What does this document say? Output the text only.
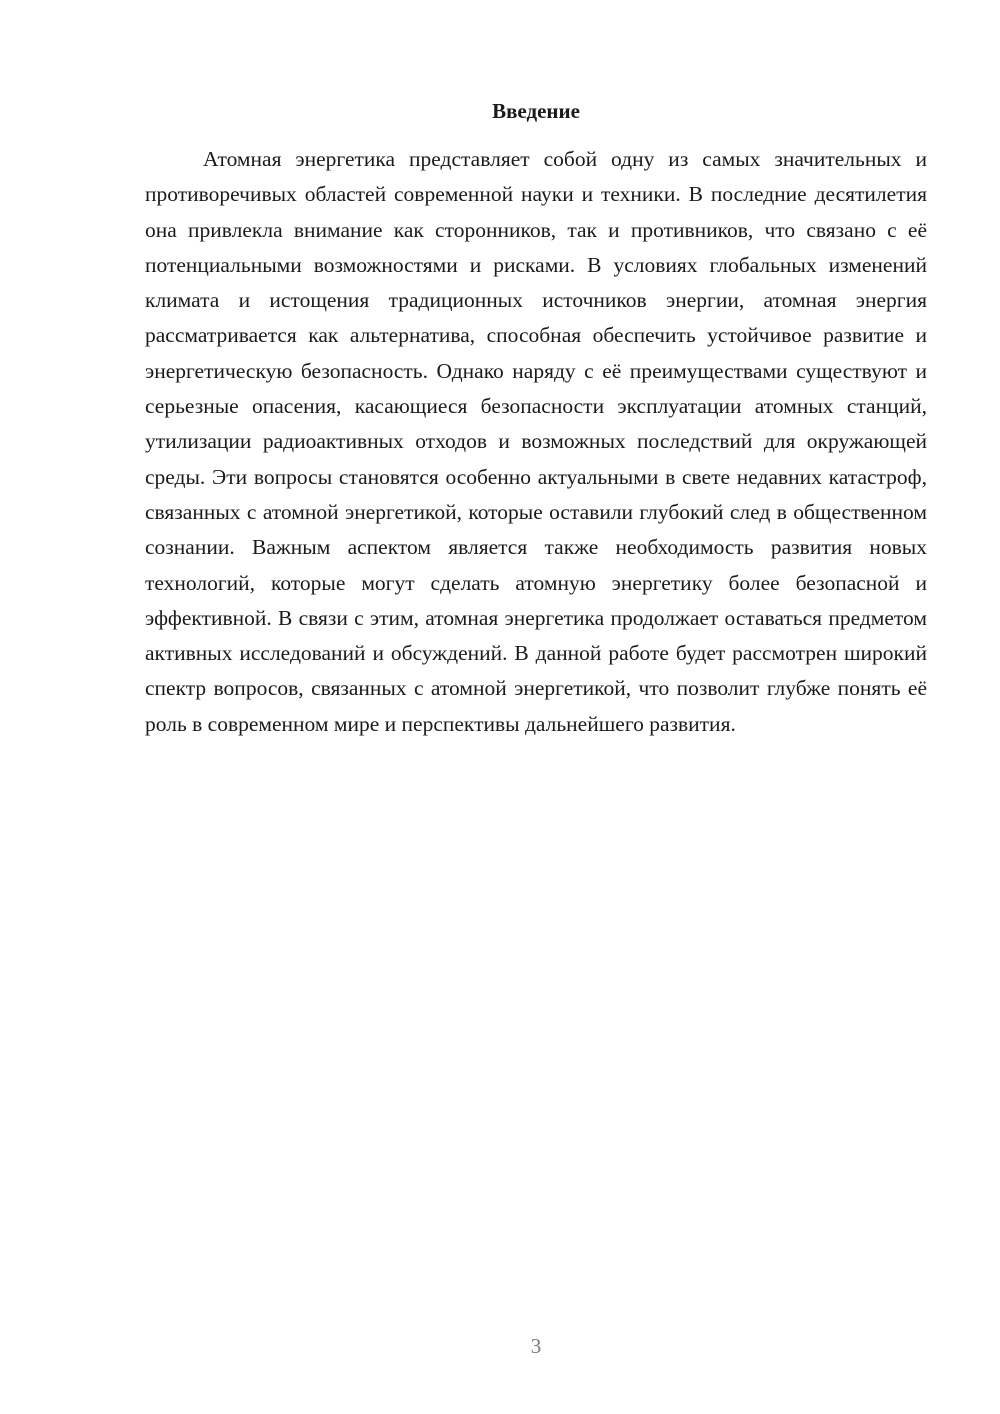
Введение

Атомная энергетика представляет собой одну из самых значительных и противоречивых областей современной науки и техники. В последние десятилетия она привлекла внимание как сторонников, так и противников, что связано с её потенциальными возможностями и рисками. В условиях глобальных изменений климата и истощения традиционных источников энергии, атомная энергия рассматривается как альтернатива, способная обеспечить устойчивое развитие и энергетическую безопасность. Однако наряду с её преимуществами существуют и серьезные опасения, касающиеся безопасности эксплуатации атомных станций, утилизации радиоактивных отходов и возможных последствий для окружающей среды. Эти вопросы становятся особенно актуальными в свете недавних катастроф, связанных с атомной энергетикой, которые оставили глубокий след в общественном сознании. Важным аспектом является также необходимость развития новых технологий, которые могут сделать атомную энергетику более безопасной и эффективной. В связи с этим, атомная энергетика продолжает оставаться предметом активных исследований и обсуждений. В данной работе будет рассмотрен широкий спектр вопросов, связанных с атомной энергетикой, что позволит глубже понять её роль в современном мире и перспективы дальнейшего развития.

3
